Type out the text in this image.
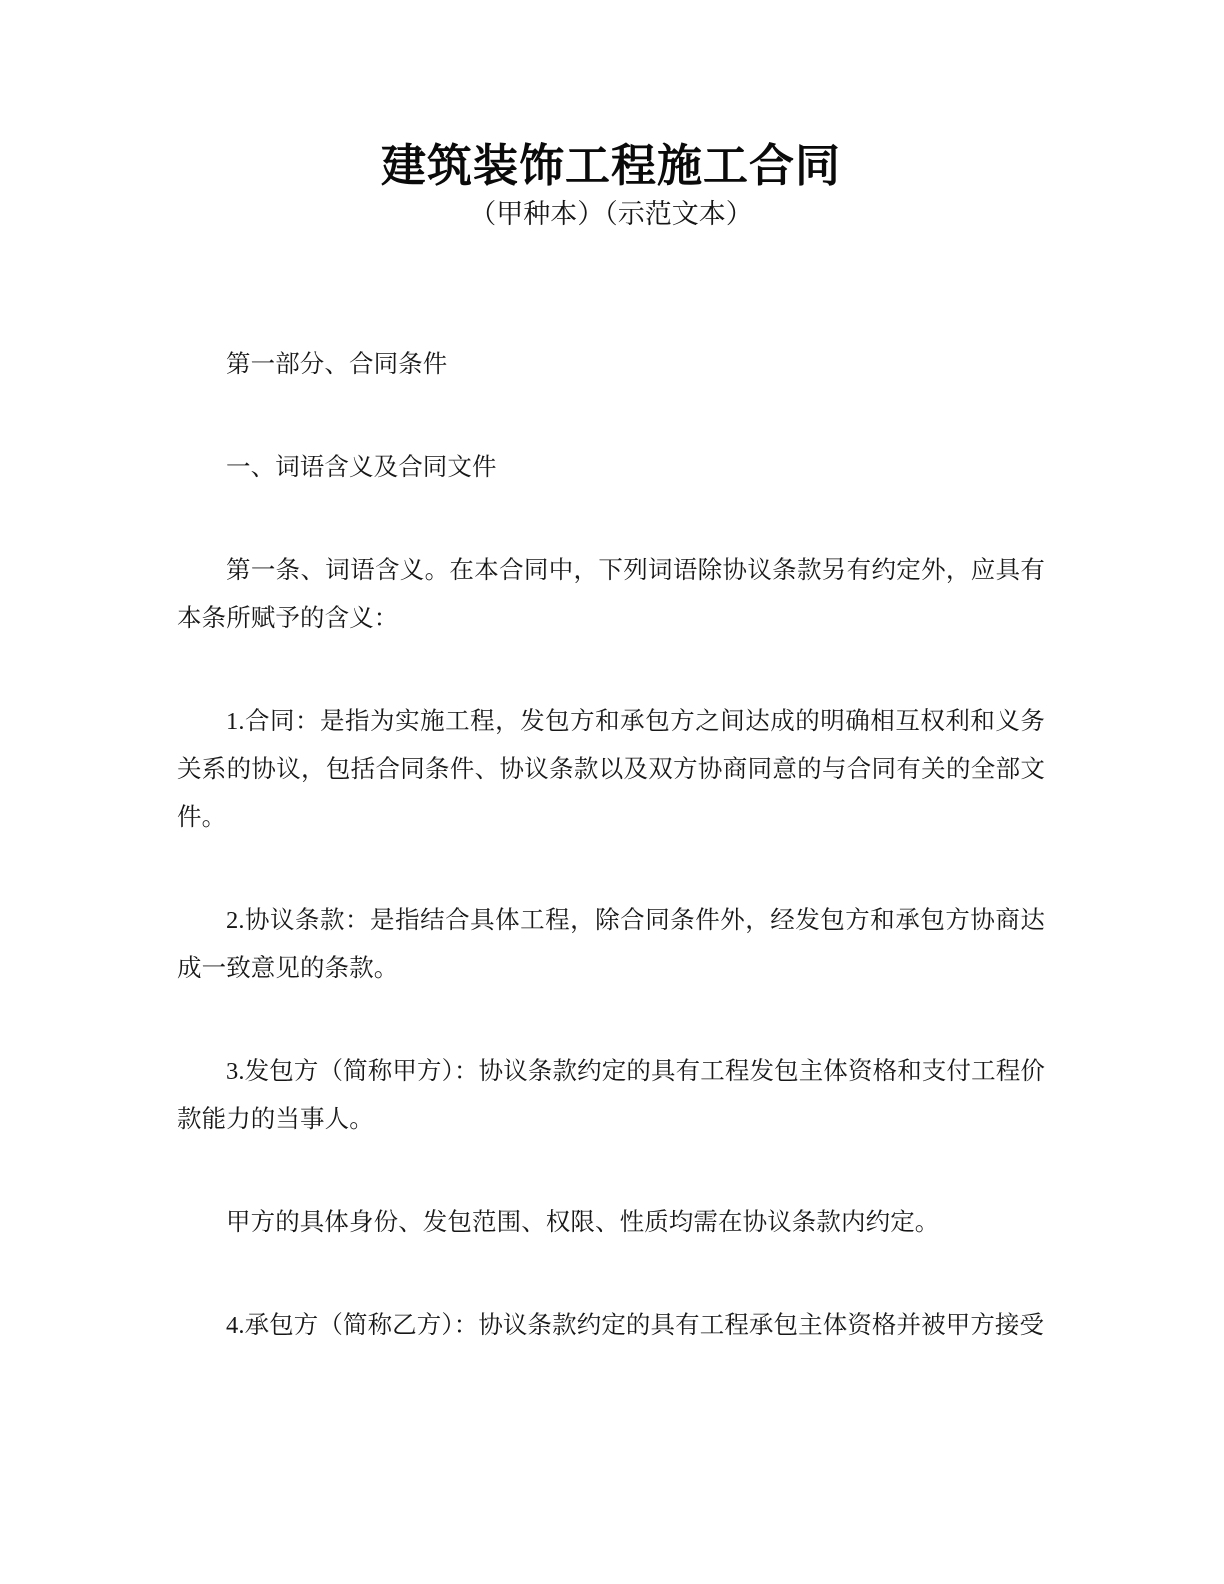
建筑装饰工程施工合同
（甲种本）（示范文本）

第一部分、合同条件

一、词语含义及合同文件

第一条、词语含义。在本合同中，下列词语除协议条款另有约定外，应具有本条所赋予的含义：

1.合同：是指为实施工程，发包方和承包方之间达成的明确相互权利和义务关系的协议，包括合同条件、协议条款以及双方协商同意的与合同有关的全部文件。

2.协议条款：是指结合具体工程，除合同条件外，经发包方和承包方协商达成一致意见的条款。

3.发包方（简称甲方）：协议条款约定的具有工程发包主体资格和支付工程价款能力的当事人。

甲方的具体身份、发包范围、权限、性质均需在协议条款内约定。

4.承包方（简称乙方）：协议条款约定的具有工程承包主体资格并被甲方接受
